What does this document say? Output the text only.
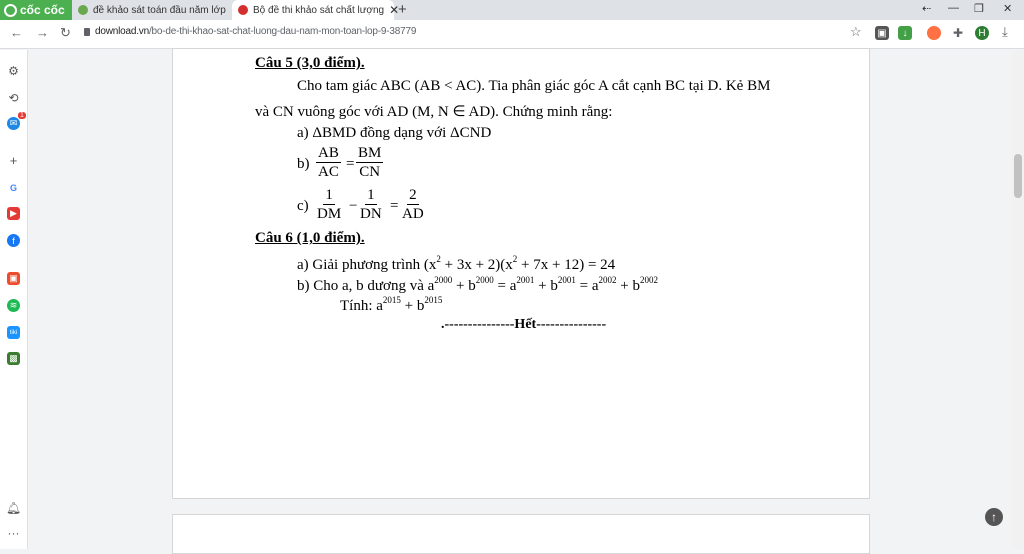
cốc cốc	đề khảo sát toán đầu năm lớp	Bộ đề thi khảo sát chất lượng ✕
+	⇠ — ❐ ✕
← → ↻ download.vn/bo-de-thi-khao-sat-chat-luong-dau-nam-mon-toan-lop-9-38779	☆ ▣	↓	✚	H ⤓
⚙
⟲
✉
1
+
G
▶
f
▣
≋
tiki
▩
🔔︎
···
Câu 5 (3,0 điểm).
Cho tam giác ABC (AB < AC). Tia phân giác góc A cắt cạnh BC tại D. Kẻ BM
và CN vuông góc với AD (M, N ∈ AD). Chứng minh rằng:
a) ΔBMD đồng dạng với ΔCND
$b) \frac{AB}{AC} = \frac{BM}{CN}$
$c) \frac{1}{DM} - \frac{1}{DN} = \frac{2}{AD}$
Câu 6 (1,0 điểm).
a) Giải phương trình $(x^2 + 3x + 2)(x^2 + 7x + 12) = 24$
b) Cho a, b dương và $a^{2000} + b^{2000} = a^{2001} + b^{2001} = a^{2002} + b^{2002}$
Tính: $a^{2015} + b^{2015}$
.---------------Hết---------------
↑
